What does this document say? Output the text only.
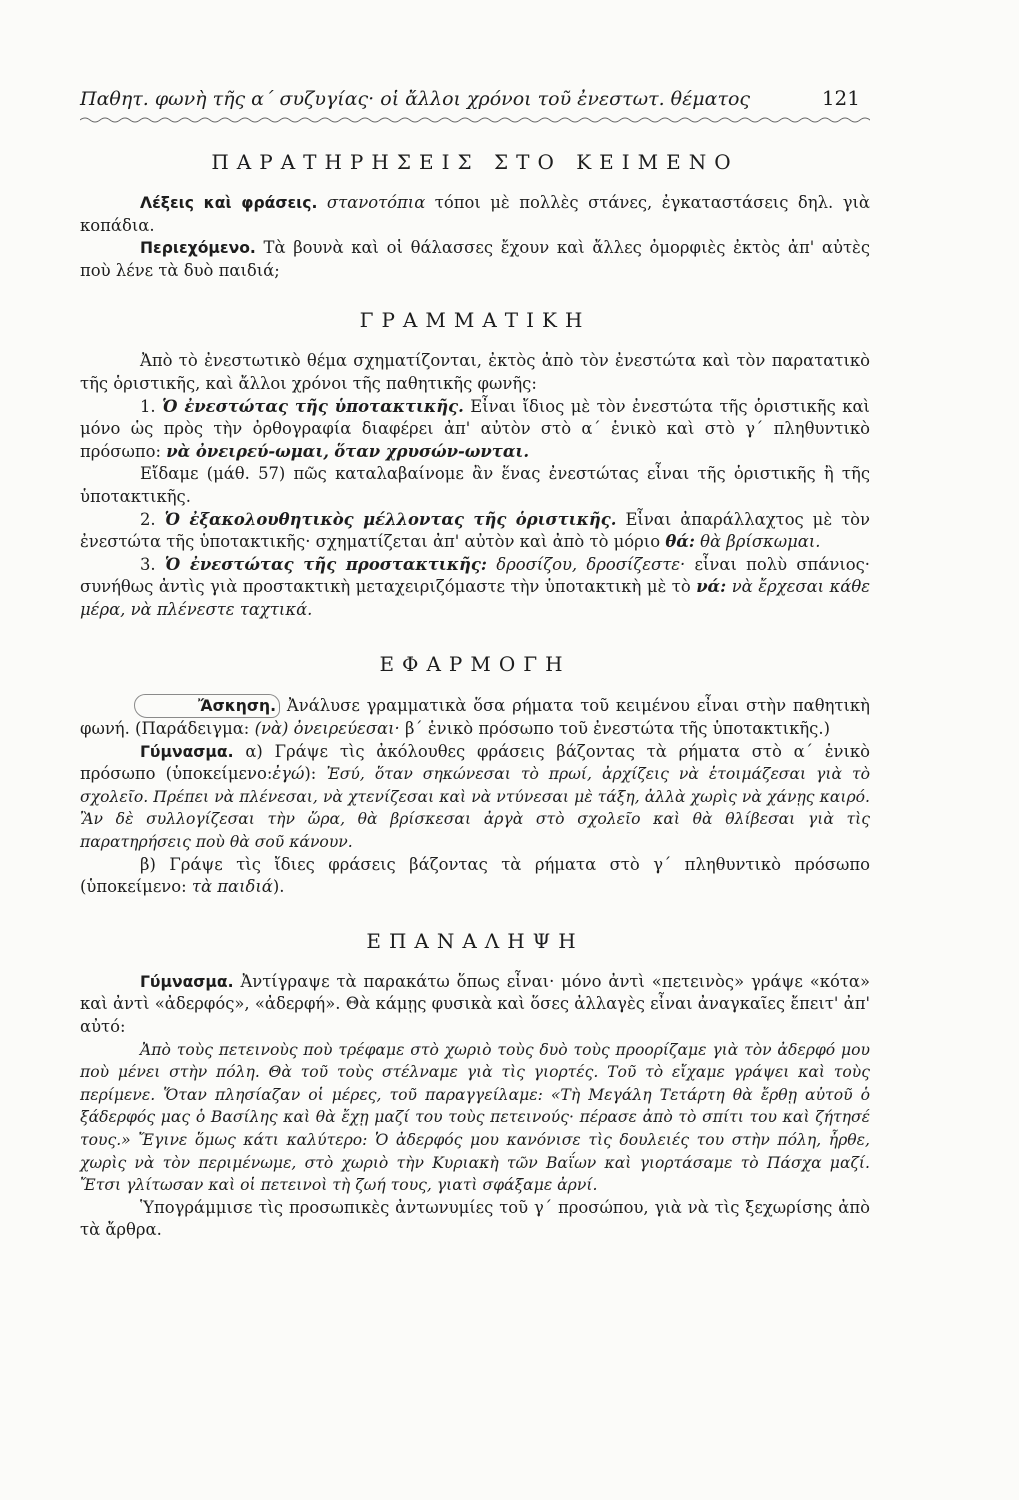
Παθητ. φωνὴ τῆς α΄ συζυγίας· οἱ ἄλλοι χρόνοι τοῦ ἐνεστωτ. θέματος	121
ΠΑΡΑΤΗΡΗΣΕΙΣ ΣΤΟ ΚΕΙΜΕΝΟ

Λέξεις καὶ φράσεις. στανοτόπια τόποι μὲ πολλὲς στάνες, ἐγκαταστάσεις δηλ. γιὰ κοπάδια.

Περιεχόμενο. Τὰ βουνὰ καὶ οἱ θάλασσες ἔχουν καὶ ἄλλες ὀμορφιὲς ἐκτὸς ἀπ' αὐτὲς ποὺ λένε τὰ δυὸ παιδιά;

ΓΡΑΜΜΑΤΙΚΗ

Ἀπὸ τὸ ἐνεστωτικὸ θέμα σχηματίζονται, ἐκτὸς ἀπὸ τὸν ἐνεστώτα καὶ τὸν παρατατικὸ τῆς ὁριστικῆς, καὶ ἄλλοι χρόνοι τῆς παθητικῆς φωνῆς:

1. Ὁ ἐνεστώτας τῆς ὑποτακτικῆς. Εἶναι ἴδιος μὲ τὸν ἐνεστώτα τῆς ὁριστικῆς καὶ μόνο ὡς πρὸς τὴν ὀρθογραφία διαφέρει ἀπ' αὐτὸν στὸ α΄ ἑνικὸ καὶ στὸ γ΄ πληθυντικὸ πρόσωπο: νὰ ὀνειρεύ-ωμαι, ὅταν χρυσών-ωνται.

Εἴδαμε (μάθ. 57) πῶς καταλαβαίνομε ἂν ἕνας ἐνεστώτας εἶναι τῆς ὁριστικῆς ἢ τῆς ὑποτακτικῆς.

2. Ὁ ἐξακολουθητικὸς μέλλοντας τῆς ὁριστικῆς. Εἶναι ἀπαράλλαχτος μὲ τὸν ἐνεστώτα τῆς ὑποτακτικῆς· σχηματίζεται ἀπ' αὐτὸν καὶ ἀπὸ τὸ μόριο θά: θὰ βρίσκωμαι.

3. Ὁ ἐνεστώτας τῆς προστακτικῆς: δροσίζου, δροσίζεστε· εἶναι πολὺ σπάνιος· συνήθως ἀντὶς γιὰ προστακτικὴ μεταχειριζόμαστε τὴν ὑποτακτικὴ μὲ τὸ νά: νὰ ἔρχεσαι κάθε μέρα, νὰ πλένεστε ταχτικά.

ΕΦΑΡΜΟΓΗ

Ἄσκηση. Ἀνάλυσε γραμματικὰ ὅσα ρήματα τοῦ κειμένου εἶναι στὴν παθητικὴ φωνή. (Παράδειγμα: (νὰ) ὀνειρεύεσαι· β΄ ἑνικὸ πρόσωπο τοῦ ἐνεστώτα τῆς ὑποτακτικῆς.)

Γύμνασμα. α) Γράψε τὶς ἀκόλουθες φράσεις βάζοντας τὰ ρήματα στὸ α΄ ἑνικὸ πρόσωπο (ὑποκείμενο:ἐγώ): Ἐσύ, ὅταν σηκώνεσαι τὸ πρωί, ἀρχίζεις νὰ ἑτοιμάζεσαι γιὰ τὸ σχολεῖο. Πρέπει νὰ πλένεσαι, νὰ χτενίζεσαι καὶ νὰ ντύνεσαι μὲ τάξη, ἀλλὰ χωρὶς νὰ χάνῃς καιρό. Ἂν δὲ συλλογίζεσαι τὴν ὥρα, θὰ βρίσκεσαι ἀργὰ στὸ σχολεῖο καὶ θὰ θλίβεσαι γιὰ τὶς παρατηρήσεις ποὺ θὰ σοῦ κάνουν.

β) Γράψε τὶς ἴδιες φράσεις βάζοντας τὰ ρήματα στὸ γ΄ πληθυντικὸ πρόσωπο (ὑποκείμενο: τὰ παιδιά).

ΕΠΑΝΑΛΗΨΗ

Γύμνασμα. Ἀντίγραψε τὰ παρακάτω ὅπως εἶναι· μόνο ἀντὶ «πετεινὸς» γράψε «κότα» καὶ ἀντὶ «ἀδερφός», «ἀδερφή». Θὰ κάμῃς φυσικὰ καὶ ὅσες ἀλλαγὲς εἶναι ἀναγκαῖες ἔπειτ' ἀπ' αὐτό:

Ἀπὸ τοὺς πετεινοὺς ποὺ τρέφαμε στὸ χωριὸ τοὺς δυὸ τοὺς προορίζαμε γιὰ τὸν ἀδερφό μου ποὺ μένει στὴν πόλη. Θὰ τοῦ τοὺς στέλναμε γιὰ τὶς γιορτές. Τοῦ τὸ εἴχαμε γράψει καὶ τοὺς περίμενε. Ὅταν πλησίαζαν οἱ μέρες, τοῦ παραγγείλαμε: «Τὴ Μεγάλη Τετάρτη θὰ ἔρθῃ αὐτοῦ ὁ ξάδερφός μας ὁ Βασίλης καὶ θὰ ἔχῃ μαζί του τοὺς πετεινούς· πέρασε ἀπὸ τὸ σπίτι του καὶ ζήτησέ τους.» Ἔγινε ὅμως κάτι καλύτερο: Ὁ ἀδερφός μου κανόνισε τὶς δουλειές του στὴν πόλη, ἦρθε, χωρὶς νὰ τὸν περιμένωμε, στὸ χωριὸ τὴν Κυριακὴ τῶν Βαΐων καὶ γιορτάσαμε τὸ Πάσχα μαζί. Ἔτσι γλίτωσαν καὶ οἱ πετεινοὶ τὴ ζωή τους, γιατὶ σφάξαμε ἀρνί.

Ὑπογράμμισε τὶς προσωπικὲς ἀντωνυμίες τοῦ γ΄ προσώπου, γιὰ νὰ τὶς ξεχωρίσης ἀπὸ τὰ ἄρθρα.
